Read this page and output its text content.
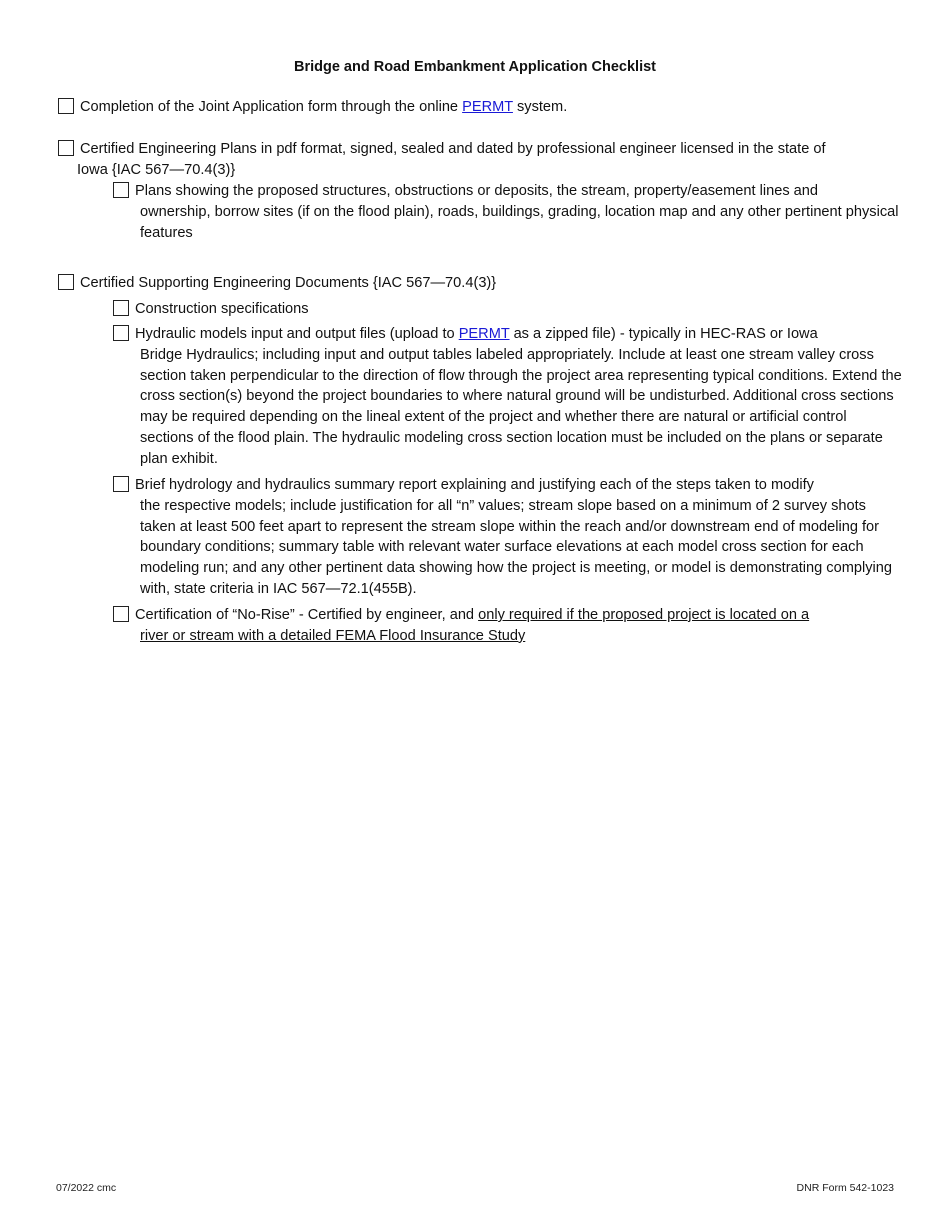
Bridge and Road Embankment Application Checklist
Completion of the Joint Application form through the online PERMT system.
Certified Engineering Plans in pdf format, signed, sealed and dated by professional engineer licensed in the state of
Iowa {IAC 567—70.4(3)}
Plans showing the proposed structures, obstructions or deposits, the stream, property/easement lines and
ownership, borrow sites (if on the flood plain), roads, buildings, grading, location map and any other pertinent physical features
Certified Supporting Engineering Documents {IAC 567—70.4(3)}
Construction specifications
Hydraulic models input and output files (upload to PERMT as a zipped file) - typically in HEC-RAS or Iowa
Bridge Hydraulics; including input and output tables labeled appropriately. Include at least one stream valley cross section taken perpendicular to the direction of flow through the project area representing typical conditions. Extend the cross section(s) beyond the project boundaries to where natural ground will be undisturbed. Additional cross sections may be required depending on the lineal extent of the project and whether there are natural or artificial control sections of the flood plain. The hydraulic modeling cross section location must be included on the plans or separate plan exhibit.
Brief hydrology and hydraulics summary report explaining and justifying each of the steps taken to modify
the respective models; include justification for all “n” values; stream slope based on a minimum of 2 survey shots taken at least 500 feet apart to represent the stream slope within the reach and/or downstream end of modeling for boundary conditions; summary table with relevant water surface elevations at each model cross section for each modeling run; and any other pertinent data showing how the project is meeting, or model is demonstrating complying with, state criteria in IAC 567—72.1(455B).
Certification of “No-Rise” - Certified by engineer, and only required if the proposed project is located on a
river or stream with a detailed FEMA Flood Insurance Study
07/2022 cmc	DNR Form 542-1023
